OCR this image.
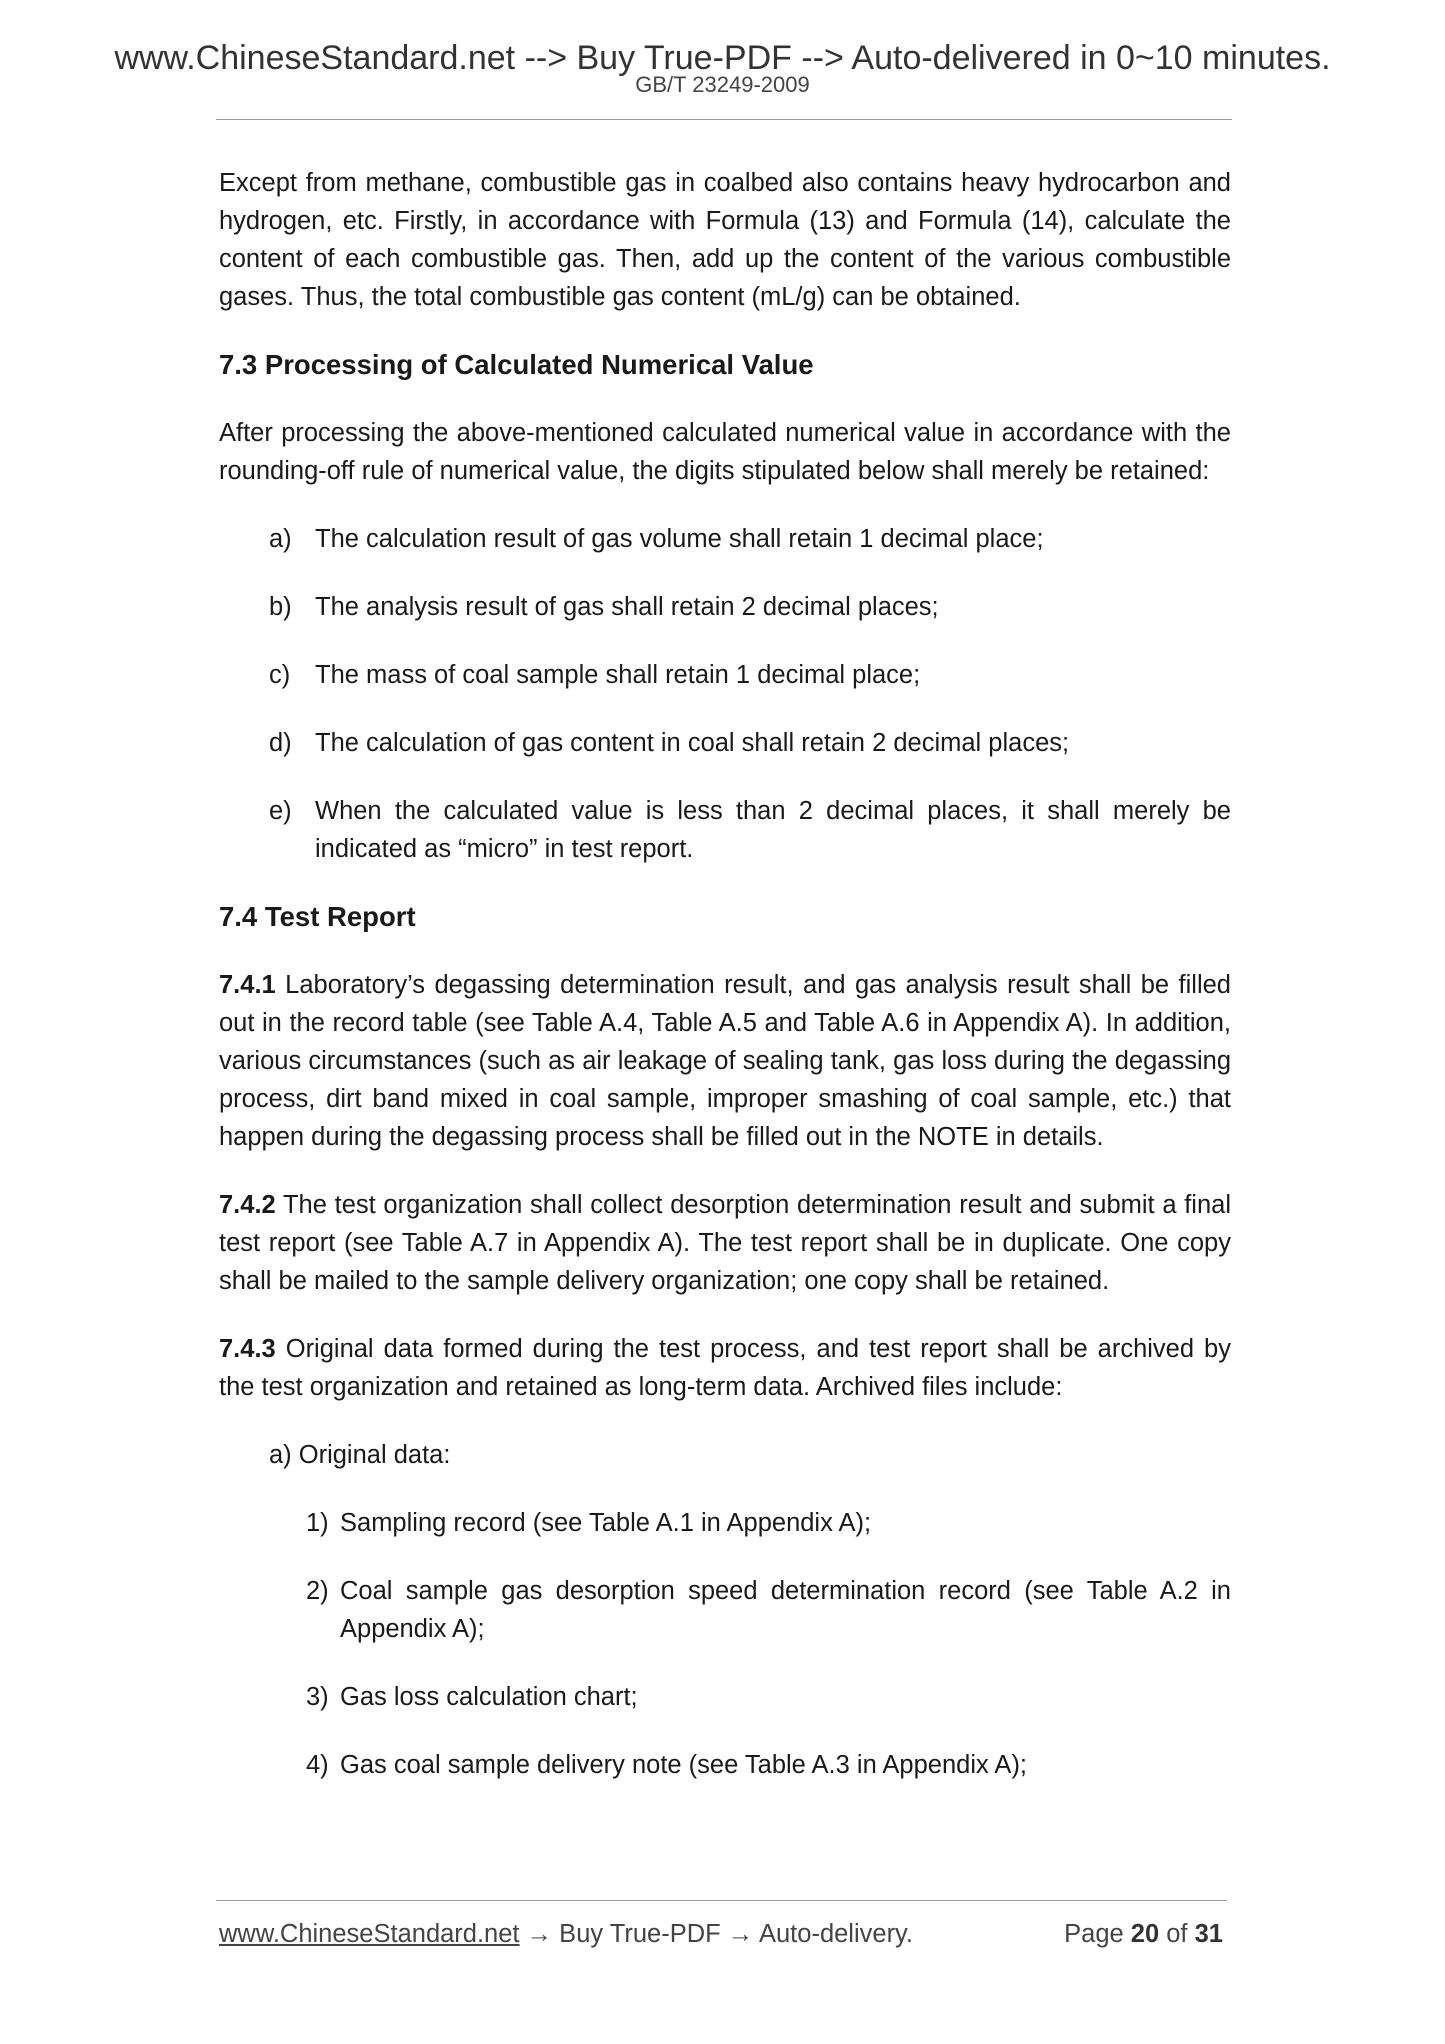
www.ChineseStandard.net --> Buy True-PDF --> Auto-delivered in 0~10 minutes.
GB/T 23249-2009

Except from methane, combustible gas in coalbed also contains heavy hydrocarbon and hydrogen, etc. Firstly, in accordance with Formula (13) and Formula (14), calculate the content of each combustible gas. Then, add up the content of the various combustible gases. Thus, the total combustible gas content (mL/g) can be obtained.

7.3 Processing of Calculated Numerical Value

After processing the above-mentioned calculated numerical value in accordance with the rounding-off rule of numerical value, the digits stipulated below shall merely be retained:

a) The calculation result of gas volume shall retain 1 decimal place;

b) The analysis result of gas shall retain 2 decimal places;

c) The mass of coal sample shall retain 1 decimal place;

d) The calculation of gas content in coal shall retain 2 decimal places;

e) When the calculated value is less than 2 decimal places, it shall merely be indicated as “micro” in test report.

7.4 Test Report

7.4.1 Laboratory’s degassing determination result, and gas analysis result shall be filled out in the record table (see Table A.4, Table A.5 and Table A.6 in Appendix A). In addition, various circumstances (such as air leakage of sealing tank, gas loss during the degassing process, dirt band mixed in coal sample, improper smashing of coal sample, etc.) that happen during the degassing process shall be filled out in the NOTE in details.

7.4.2 The test organization shall collect desorption determination result and submit a final test report (see Table A.7 in Appendix A). The test report shall be in duplicate. One copy shall be mailed to the sample delivery organization; one copy shall be retained.

7.4.3 Original data formed during the test process, and test report shall be archived by the test organization and retained as long-term data. Archived files include:

a) Original data:

1) Sampling record (see Table A.1 in Appendix A);

2) Coal sample gas desorption speed determination record (see Table A.2 in Appendix A);

3) Gas loss calculation chart;

4) Gas coal sample delivery note (see Table A.3 in Appendix A);

www.ChineseStandard.net → Buy True-PDF → Auto-delivery.	Page 20 of 31
